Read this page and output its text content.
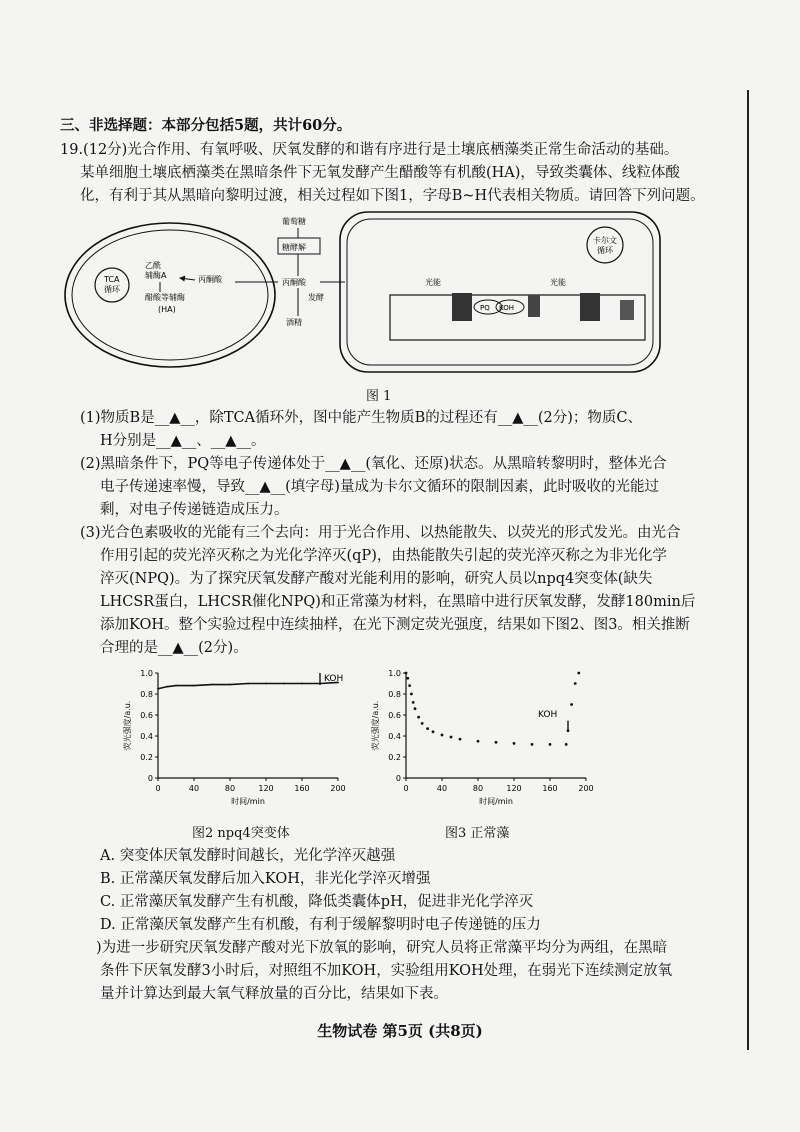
三、非选择题：本部分包括5题，共计60分。
19.(12分)光合作用、有氧呼吸、厌氧发酵的和谐有序进行是土壤底栖藻类正常生命活动的基础。
某单细胞土壤底栖藻类在黑暗条件下无氧发酵产生醋酸等有机酸(HA)，导致类囊体、线粒体酸
化，有利于其从黑暗向黎明过渡，相关过程如下图1，字母B~H代表相关物质。请回答下列问题。
TCA
循环
乙酰
辅酶A	丙酮酸
醋酸等辅酶
(HA)
葡萄糖
糖酵解
丙酮酸
发酵
酒精
卡尔文
循环
光能	光能
PQ KOH
图 1
(1)物质B是__▲__，除TCA循环外，图中能产生物质B的过程还有__▲__(2分)；物质C、
H分别是__▲__、__▲__。
(2)黑暗条件下，PQ等电子传递体处于__▲__(氧化、还原)状态。从黑暗转黎明时，整体光合
电子传递速率慢，导致__▲__(填字母)量成为卡尔文循环的限制因素，此时吸收的光能过
剩，对电子传递链造成压力。
(3)光合色素吸收的光能有三个去向：用于光合作用、以热能散失、以荧光的形式发光。由光合
作用引起的荧光淬灭称之为光化学淬灭(qP)，由热能散失引起的荧光淬灭称之为非光化学
淬灭(NPQ)。为了探究厌氧发酵产酸对光能利用的影响，研究人员以npq4突变体(缺失
LHCSR蛋白，LHCSR催化NPQ)和正常藻为材料，在黑暗中进行厌氧发酵，发酵180min后
添加KOH。整个实验过程中连续抽样，在光下测定荧光强度，结果如下图2、图3。相关推断
合理的是__▲__(2分)。
0	40	80	120	160	200
0
0.2
0.4
0.6
0.8
1.0
时间/min
荧光强度/a.u.
KOH
图2 npq4突变体
0	40	80	120	160	200
0
0.2
0.4
0.6
0.8
1.0
时间/min
荧光强度/a.u.	KOH
图3 正常藻
A. 突变体厌氧发酵时间越长，光化学淬灭越强
B. 正常藻厌氧发酵后加入KOH，非光化学淬灭增强
C. 正常藻厌氧发酵产生有机酸，降低类囊体pH，促进非光化学淬灭
D. 正常藻厌氧发酵产生有机酸，有利于缓解黎明时电子传递链的压力
)为进一步研究厌氧发酵产酸对光下放氧的影响，研究人员将正常藻平均分为两组，在黑暗
条件下厌氧发酵3小时后，对照组不加KOH，实验组用KOH处理，在弱光下连续测定放氧
量并计算达到最大氧气释放量的百分比，结果如下表。
生物试卷 第5页 (共8页)
